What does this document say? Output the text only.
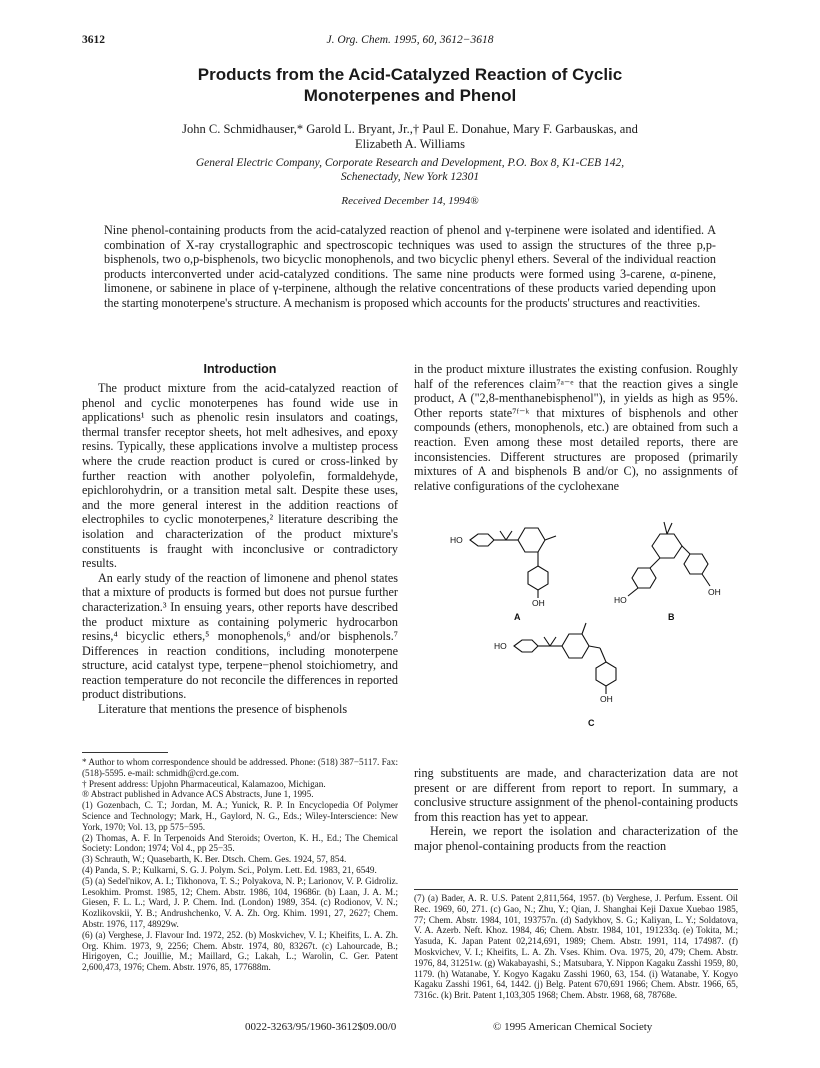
3612	J. Org. Chem. 1995, 60, 3612−3618
Products from the Acid-Catalyzed Reaction of Cyclic
Monoterpenes and Phenol
John C. Schmidhauser,* Garold L. Bryant, Jr.,† Paul E. Donahue, Mary F. Garbauskas, and
Elizabeth A. Williams
General Electric Company, Corporate Research and Development, P.O. Box 8, K1-CEB 142,
Schenectady, New York 12301
Received December 14, 1994®
Nine phenol-containing products from the acid-catalyzed reaction of phenol and γ-terpinene were isolated and identified. A combination of X-ray crystallographic and spectroscopic techniques was used to assign the structures of the three p,p-bisphenols, two o,p-bisphenols, two bicyclic monophenols, and two bicyclic phenyl ethers. Several of the individual reaction products interconverted under acid-catalyzed conditions. The same nine products were formed using 3-carene, α-pinene, limonene, or sabinene in place of γ-terpinene, although the relative concentrations of these products varied depending upon the starting monoterpene's structure. A mechanism is proposed which accounts for the products' structures and reactivities.
Introduction

The product mixture from the acid-catalyzed reaction of phenol and cyclic monoterpenes has found wide use in applications¹ such as phenolic resin insulators and coatings, thermal transfer receptor sheets, hot melt adhesives, and epoxy resins. Typically, these applications involve a multistep process where the crude reaction product is cured or cross-linked by further reaction with another polyolefin, formaldehyde, epichlorohydrin, or a transition metal salt. Despite these uses, and the more general interest in the addition reactions of electrophiles to cyclic monoterpenes,² literature describing the isolation and characterization of the product mixture's constituents is fraught with inconclusive or contradictory results.

An early study of the reaction of limonene and phenol states that a mixture of products is formed but does not pursue further characterization.³ In ensuing years, other reports have described the product mixture as containing polymeric hydrocarbon resins,⁴ bicyclic ethers,⁵ monophenols,⁶ and/or bisphenols.⁷ Differences in reaction conditions, including monoterpene structure, acid catalyst type, terpene−phenol stoichiometry, and reaction temperature do not reconcile the differences in reported product distributions.

Literature that mentions the presence of bisphenols

in the product mixture illustrates the existing confusion. Roughly half of the references claim⁷ᵃ⁻ᵉ that the reaction gives a single product, A ("2,8-menthanebisphenol"), in yields as high as 95%. Other reports state⁷ᶠ⁻ᵏ that mixtures of bisphenols and other compounds (ethers, monophenols, etc.) are obtained from such a reaction. Even among these most detailed reports, there are inconsistencies. Different structures are proposed (primarily mixtures of A and bisphenols B and/or C), no assignments of relative configurations of the cyclohexane

HO
OH	HO
OH
HO
OH
A	B
C

ring substituents are made, and characterization data are not present or are different from report to report. In summary, a conclusive structure assignment of the phenol-containing products from this reaction has yet to appear.

Herein, we report the isolation and characterization of the major phenol-containing products from the reaction

* Author to whom correspondence should be addressed. Phone: (518) 387−5117. Fax: (518)-5595. e-mail: schmidh@crd.ge.com.

† Present address: Upjohn Pharmaceutical, Kalamazoo, Michigan.

® Abstract published in Advance ACS Abstracts, June 1, 1995.

(1) Gozenbach, C. T.; Jordan, M. A.; Yunick, R. P. In Encyclopedia Of Polymer Science and Technology; Mark, H., Gaylord, N. G., Eds.; Wiley-Interscience: New York, 1970; Vol. 13, pp 575−595.

(2) Thomas, A. F. In Terpenoids And Steroids; Overton, K. H., Ed.; The Chemical Society: London; 1974; Vol 4., pp 25−35.

(3) Schrauth, W.; Quasebarth, K. Ber. Dtsch. Chem. Ges. 1924, 57, 854.

(4) Panda, S. P.; Kulkarni, S. G. J. Polym. Sci., Polym. Lett. Ed. 1983, 21, 6549.

(5) (a) Sedel'nikov, A. I.; Tikhonova, T. S.; Polyakova, N. P.; Larionov, V. P. Gidroliz. Lesokhim. Promst. 1985, 12; Chem. Abstr. 1986, 104, 19686r. (b) Laan, J. A. M.; Giesen, F. L. L.; Ward, J. P. Chem. Ind. (London) 1989, 354. (c) Rodionov, V. N.; Kozlikovskii, Y. B.; Andrushchenko, V. A. Zh. Org. Khim. 1991, 27, 2627; Chem. Abstr. 1976, 117, 48929w.

(6) (a) Verghese, J. Flavour Ind. 1972, 252. (b) Moskvichev, V. I.; Kheifits, L. A. Zh. Org. Khim. 1973, 9, 2256; Chem. Abstr. 1974, 80, 83267t. (c) Lahourcade, B.; Hirigoyen, C.; Jouillie, M.; Maillard, G.; Lakah, L.; Warolin, C. Ger. Patent 2,600,473, 1976; Chem. Abstr. 1976, 85, 177688m.

(7) (a) Bader, A. R. U.S. Patent 2,811,564, 1957. (b) Verghese, J. Perfum. Essent. Oil Rec. 1969, 60, 271. (c) Gao, N.; Zhu, Y.; Qian, J. Shanghai Keji Daxue Xuebao 1985, 77; Chem. Abstr. 1984, 101, 193757n. (d) Sadykhov, S. G.; Kaliyan, L. Y.; Soldatova, V. A. Azerb. Neft. Khoz. 1984, 46; Chem. Abstr. 1984, 101, 191233q. (e) Tokita, M.; Yasuda, K. Japan Patent 02,214,691, 1989; Chem. Abstr. 1991, 114, 174987. (f) Moskvichev, V. I.; Kheifits, L. A. Zh. Vses. Khim. Ova. 1975, 20, 479; Chem. Abstr. 1976, 84, 31251w. (g) Wakabayashi, S.; Matsubara, Y. Nippon Kagaku Zasshi 1959, 80, 1179. (h) Watanabe, Y. Kogyo Kagaku Zasshi 1960, 63, 154. (i) Watanabe, Y. Kogyo Kagaku Zasshi 1961, 64, 1442. (j) Belg. Patent 670,691 1966; Chem. Abstr. 1966, 65, 7316c. (k) Brit. Patent 1,103,305 1968; Chem. Abstr. 1968, 68, 78768e.

0022-3263/95/1960-3612$09.00/0	© 1995 American Chemical Society
